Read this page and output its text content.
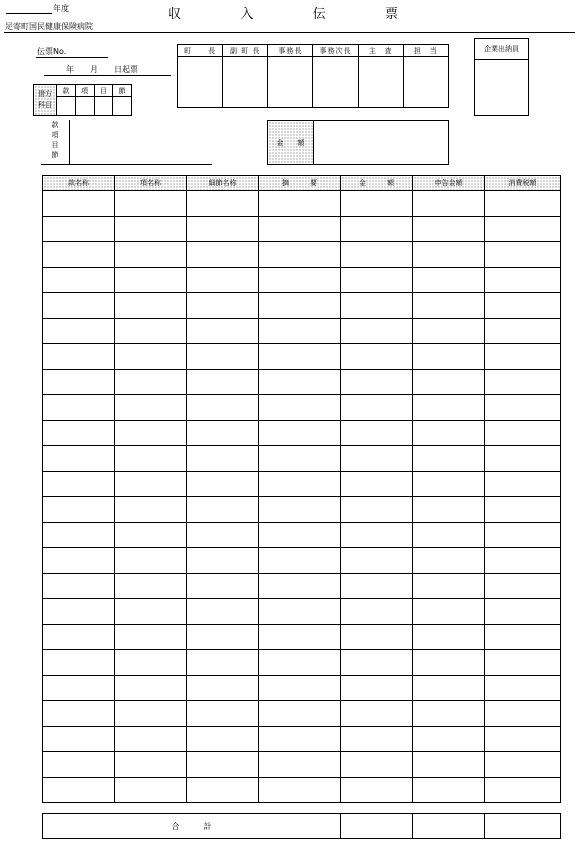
年度	収	入	伝	票
足寄町国民健康保険病院
伝票No.
年　　月　　日起票
町　　長	副 町 長	事務長	事務次長	主　査	担　当
						企業出納員

借方
科目	款	項	目	節

款
項
目
節
金　　額	
款名称	項名称	細節名称	摘　　　要	金　　　額	申告金額	消費税額

合　　　計			
